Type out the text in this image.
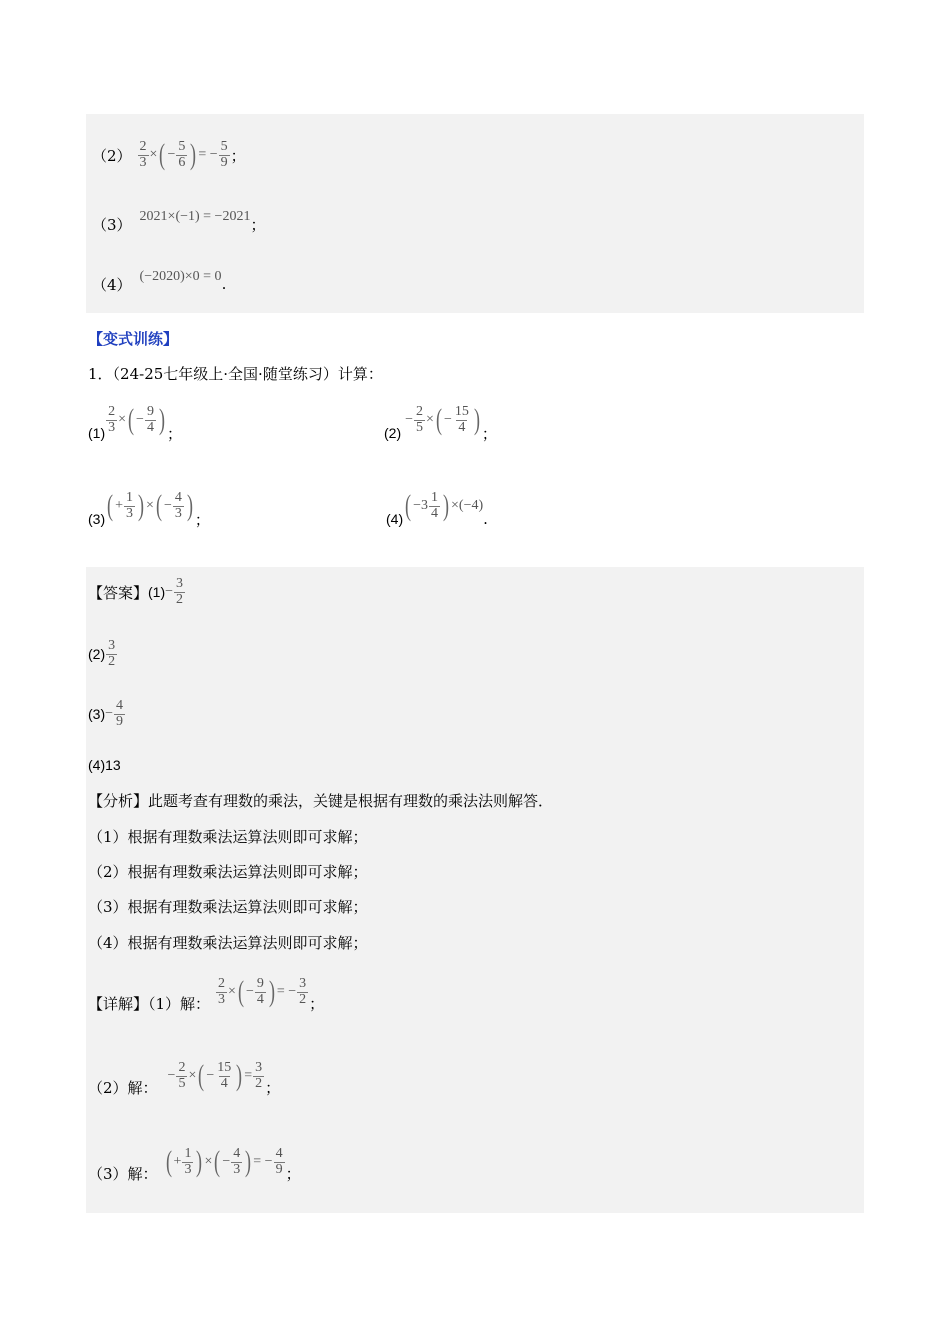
$(2) \frac{2}{3}$ × ( − $\frac{5}{6}$ ) = − $\frac{5}{9}$ ；
（3） 2021×(−1) = −2021 ；
（4） (−2020)×0 = 0 .
【变式训练】
1．（24-25七年级上·全国·随堂练习）计算：
$(1) \frac{2}{3}$ × ( − $\frac{9}{4}$ ) ；	(2)
− $\frac{2}{5}$ × ( − $\frac{15}{4}$ ) ；
(3) ( + $\frac{1}{3}$ ) × ( − $\frac{4}{3}$ ) ；	(4) ( $-3 \frac{1}{4}$ ) ×(−4)
.
【答案】 $(1) - \frac{3}{2}$
$(2) \frac{3}{2}$
$(3) - \frac{4}{9}$
(4)13
【分析】此题考查有理数的乘法，关键是根据有理数的乘法法则解答．
（1）根据有理数乘法运算法则即可求解；
（2）根据有理数乘法运算法则即可求解；
（3）根据有理数乘法运算法则即可求解；
（4）根据有理数乘法运算法则即可求解；
【详解】（1）解： $\frac{2}{3}$ × ( − $\frac{9}{4}$ ) = − $\frac{3}{2}$ ；
（2）解：
− $\frac{2}{5}$ × ( − $\frac{15}{4}$ ) = $\frac{3}{2}$ ；
（3）解： ( + $\frac{1}{3}$ ) × ( − $\frac{4}{3}$ ) = − $\frac{4}{9}$ ；
